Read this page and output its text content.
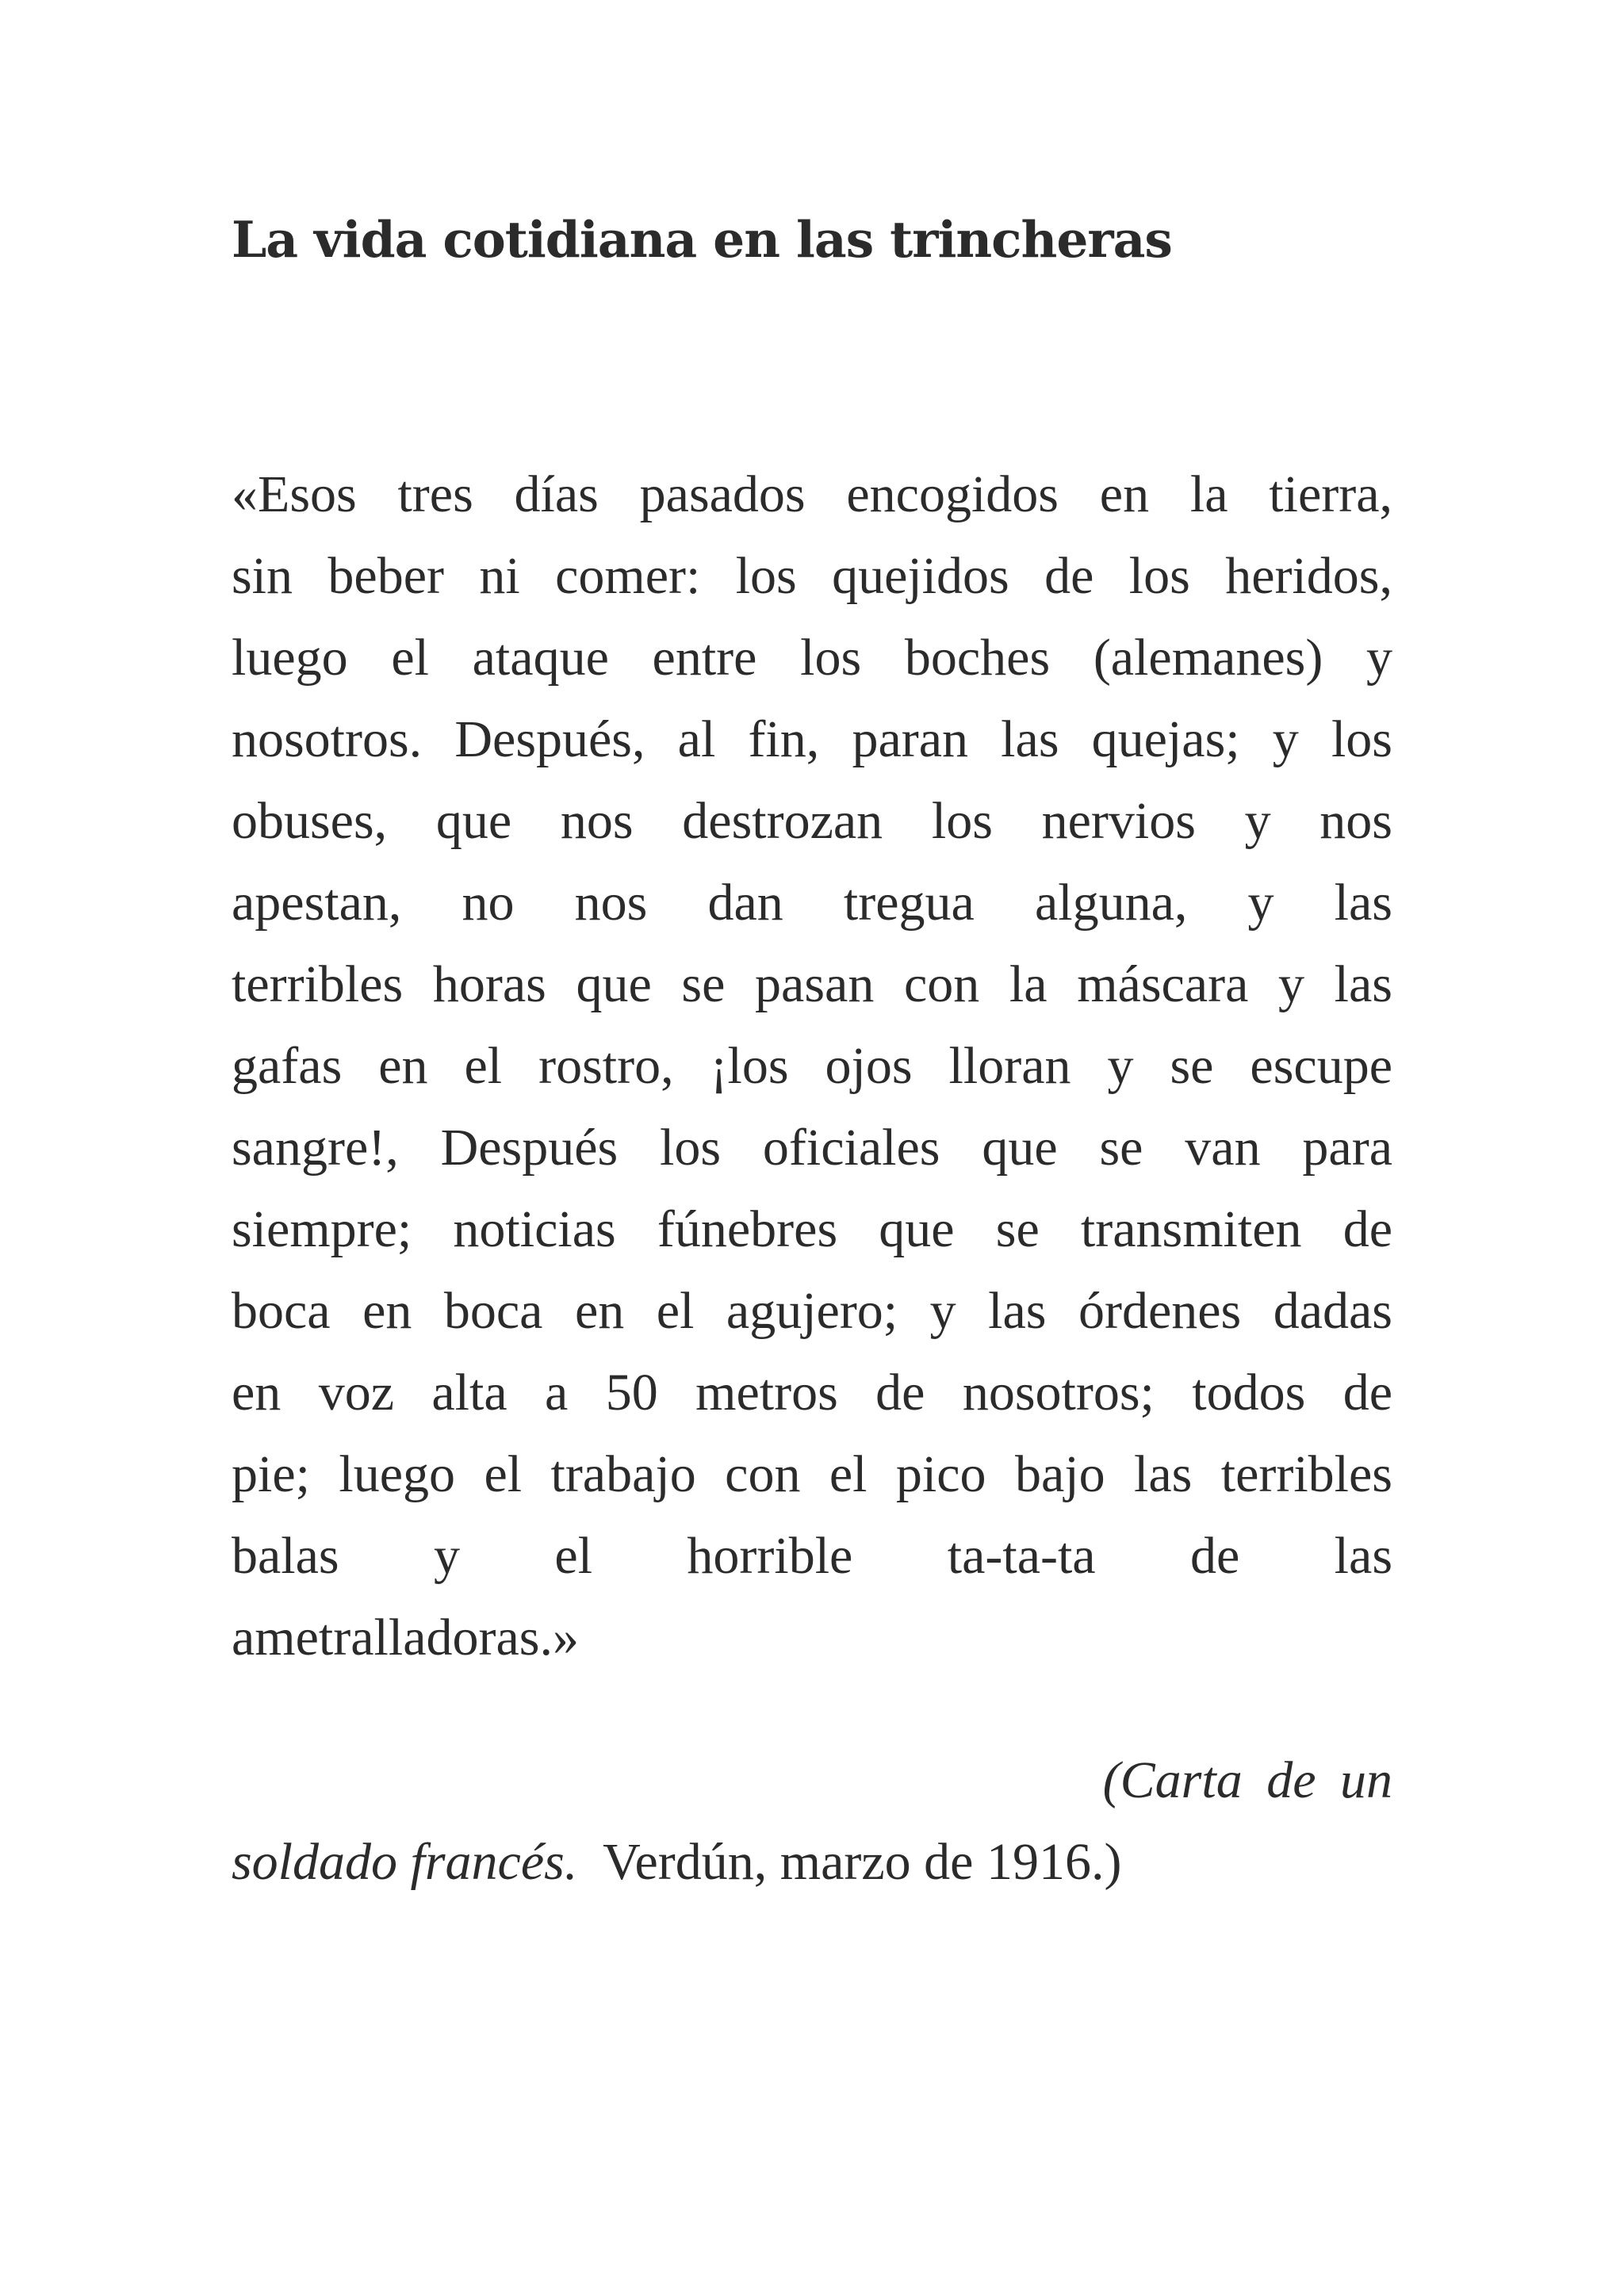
La vida cotidiana en las trincheras
«Esos tres días pasados encogidos en la tierra,
sin beber ni comer: los quejidos de los heridos,
luego el ataque entre los boches (alemanes) y
nosotros. Después, al fin, paran las quejas; y los
obuses, que nos destrozan los nervios y nos
apestan, no nos dan tregua alguna, y las
terribles horas que se pasan con la máscara y las
gafas en el rostro, ¡los ojos lloran y se escupe
sangre!, Después los oficiales que se van para
siempre; noticias fúnebres que se transmiten de
boca en boca en el agujero; y las órdenes dadas
en voz alta a 50 metros de nosotros; todos de
pie; luego el trabajo con el pico bajo las terribles
balas y el horrible ta-ta-ta de las
ametralladoras.»
(Carta de un
soldado francés.  Verdún, marzo de 1916.)
